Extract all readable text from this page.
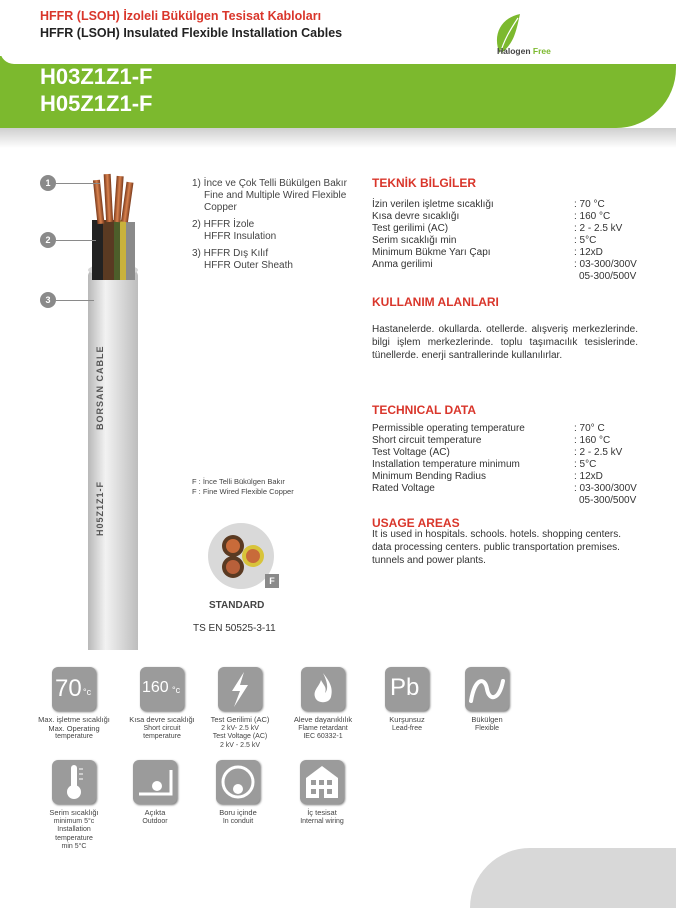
HFFR (LSOH) İzoleli Bükülgen Tesisat Kabloları
HFFR (LSOH) Insulated Flexible Installation Cables
Halogen Free
H03Z1Z1-F
H05Z1Z1-F
BORSAN CABLE
H05Z1Z1-F
1
2
3
1) İnce ve Çok Telli Bükülgen Bakır
Fine and Multiple Wired Flexible
Copper
2) HFFR İzole
HFFR Insulation
3) HFFR Dış Kılıf
HFFR Outer Sheath
TEKNİK BİLGİLER
İzin verilen işletme sıcaklığı	: 70 °C
Kısa devre sıcaklığı	: 160 °C
Test gerilimi (AC)	: 2 - 2.5 kV
Serim sıcaklığı min	: 5°C
Minimum Bükme Yarı Çapı	: 12xD
Anma gerilimi	: 03-300/300V
05-300/500V
KULLANIM ALANLARI
Hastanelerde. okullarda. otellerde. alışveriş merkezlerinde. bilgi işlem merkezlerinde. toplu taşımacılık tesislerinde. tünellerde. enerji santrallerinde kullanılırlar.
TECHNICAL DATA
Permissible operating temperature	: 70° C
Short circuit temperature	: 160 °C
Test Voltage (AC)	: 2 - 2.5 kV
Installation temperature minimum	: 5°C
Minimum Bending Radius	: 12xD
Rated Voltage	: 03-300/300V
05-300/500V
USAGE AREAS
It is used in hospitals. schools. hotels. shopping centers. data processing centers. public transportation premises. tunnels and power plants.
F : İnce Telli Bükülgen Bakır
F : Fine Wired Flexible Copper
F
STANDARD
TS EN 50525-3-11
70 °c	160 °c	Pb
Max. işletme sıcaklığı
Max. Operating
temperature
Kısa devre sıcaklığı
Short circuit
temperature
Test Gerilimi (AC)
2 kV- 2.5 kV
Test Voltage (AC)
2 kV - 2.5 kV
Aleve dayanıklılık
Flame retardant
IEC 60332-1
Kurşunsuz
Lead-free
Bükülgen
Flexible
Serim sıcaklığı
minimum 5°c
Installation
temperature
min 5°C
Açıkta
Outdoor
Boru içinde
In conduit
İç tesisat
Internal wiring
